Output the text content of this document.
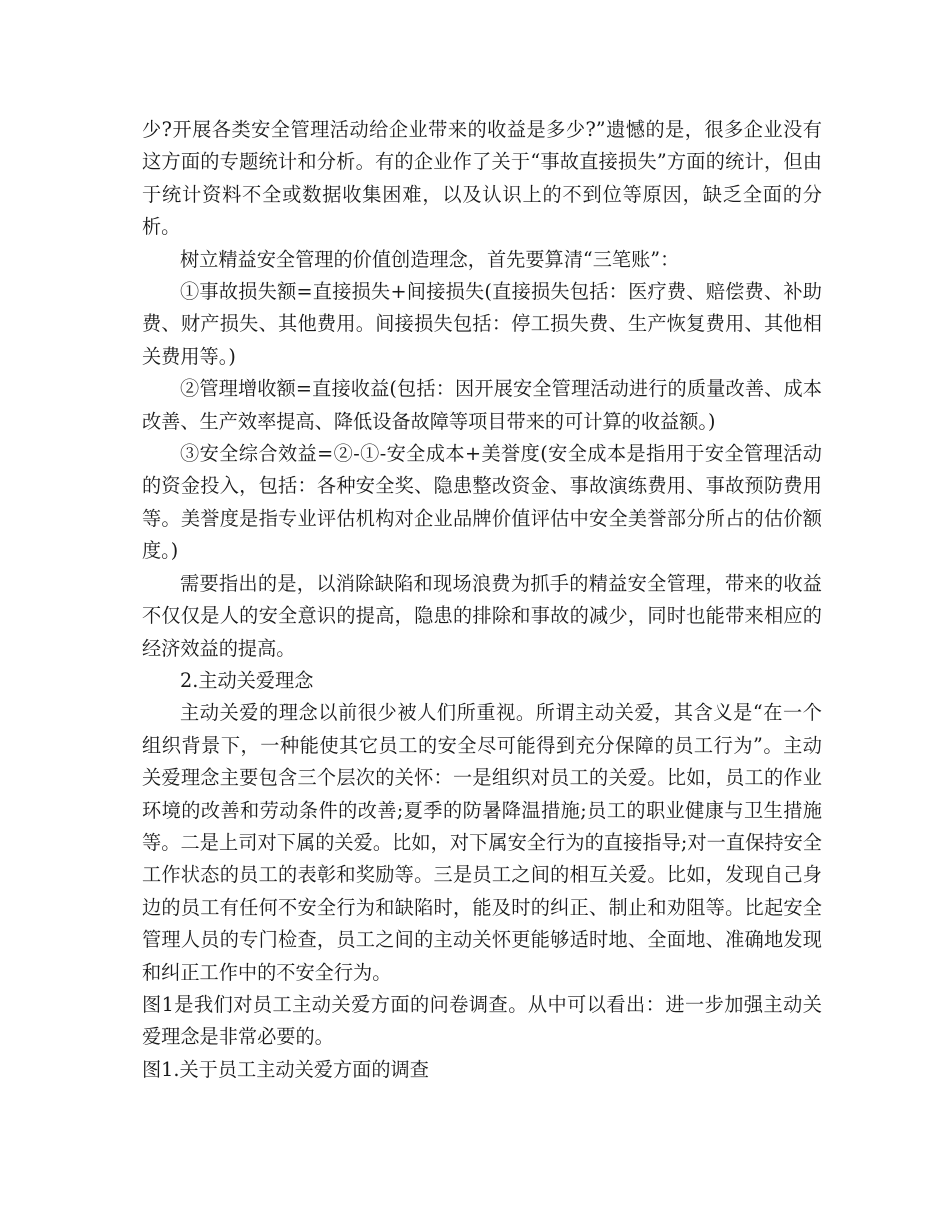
少?开展各类安全管理活动给企业带来的收益是多少?”遗憾的是，很多企业没有这方面的专题统计和分析。有的企业作了关于“事故直接损失”方面的统计，但由于统计资料不全或数据收集困难，以及认识上的不到位等原因，缺乏全面的分析。

树立精益安全管理的价值创造理念，首先要算清“三笔账”：

①事故损失额=直接损失+间接损失(直接损失包括：医疗费、赔偿费、补助费、财产损失、其他费用。间接损失包括：停工损失费、生产恢复费用、其他相关费用等。)

②管理增收额=直接收益(包括：因开展安全管理活动进行的质量改善、成本改善、生产效率提高、降低设备故障等项目带来的可计算的收益额。)

③安全综合效益=②-①-安全成本+美誉度(安全成本是指用于安全管理活动的资金投入，包括：各种安全奖、隐患整改资金、事故演练费用、事故预防费用等。美誉度是指专业评估机构对企业品牌价值评估中安全美誉部分所占的估价额度。)

需要指出的是，以消除缺陷和现场浪费为抓手的精益安全管理，带来的收益不仅仅是人的安全意识的提高，隐患的排除和事故的减少，同时也能带来相应的经济效益的提高。

2.主动关爱理念

主动关爱的理念以前很少被人们所重视。所谓主动关爱，其含义是“在一个组织背景下，一种能使其它员工的安全尽可能得到充分保障的员工行为”。主动关爱理念主要包含三个层次的关怀：一是组织对员工的关爱。比如，员工的作业环境的改善和劳动条件的改善;夏季的防暑降温措施;员工的职业健康与卫生措施等。二是上司对下属的关爱。比如，对下属安全行为的直接指导;对一直保持安全工作状态的员工的表彰和奖励等。三是员工之间的相互关爱。比如，发现自己身边的员工有任何不安全行为和缺陷时，能及时的纠正、制止和劝阻等。比起安全管理人员的专门检查，员工之间的主动关怀更能够适时地、全面地、准确地发现和纠正工作中的不安全行为。

图1是我们对员工主动关爱方面的问卷调查。从中可以看出：进一步加强主动关爱理念是非常必要的。

图1.关于员工主动关爱方面的调查
